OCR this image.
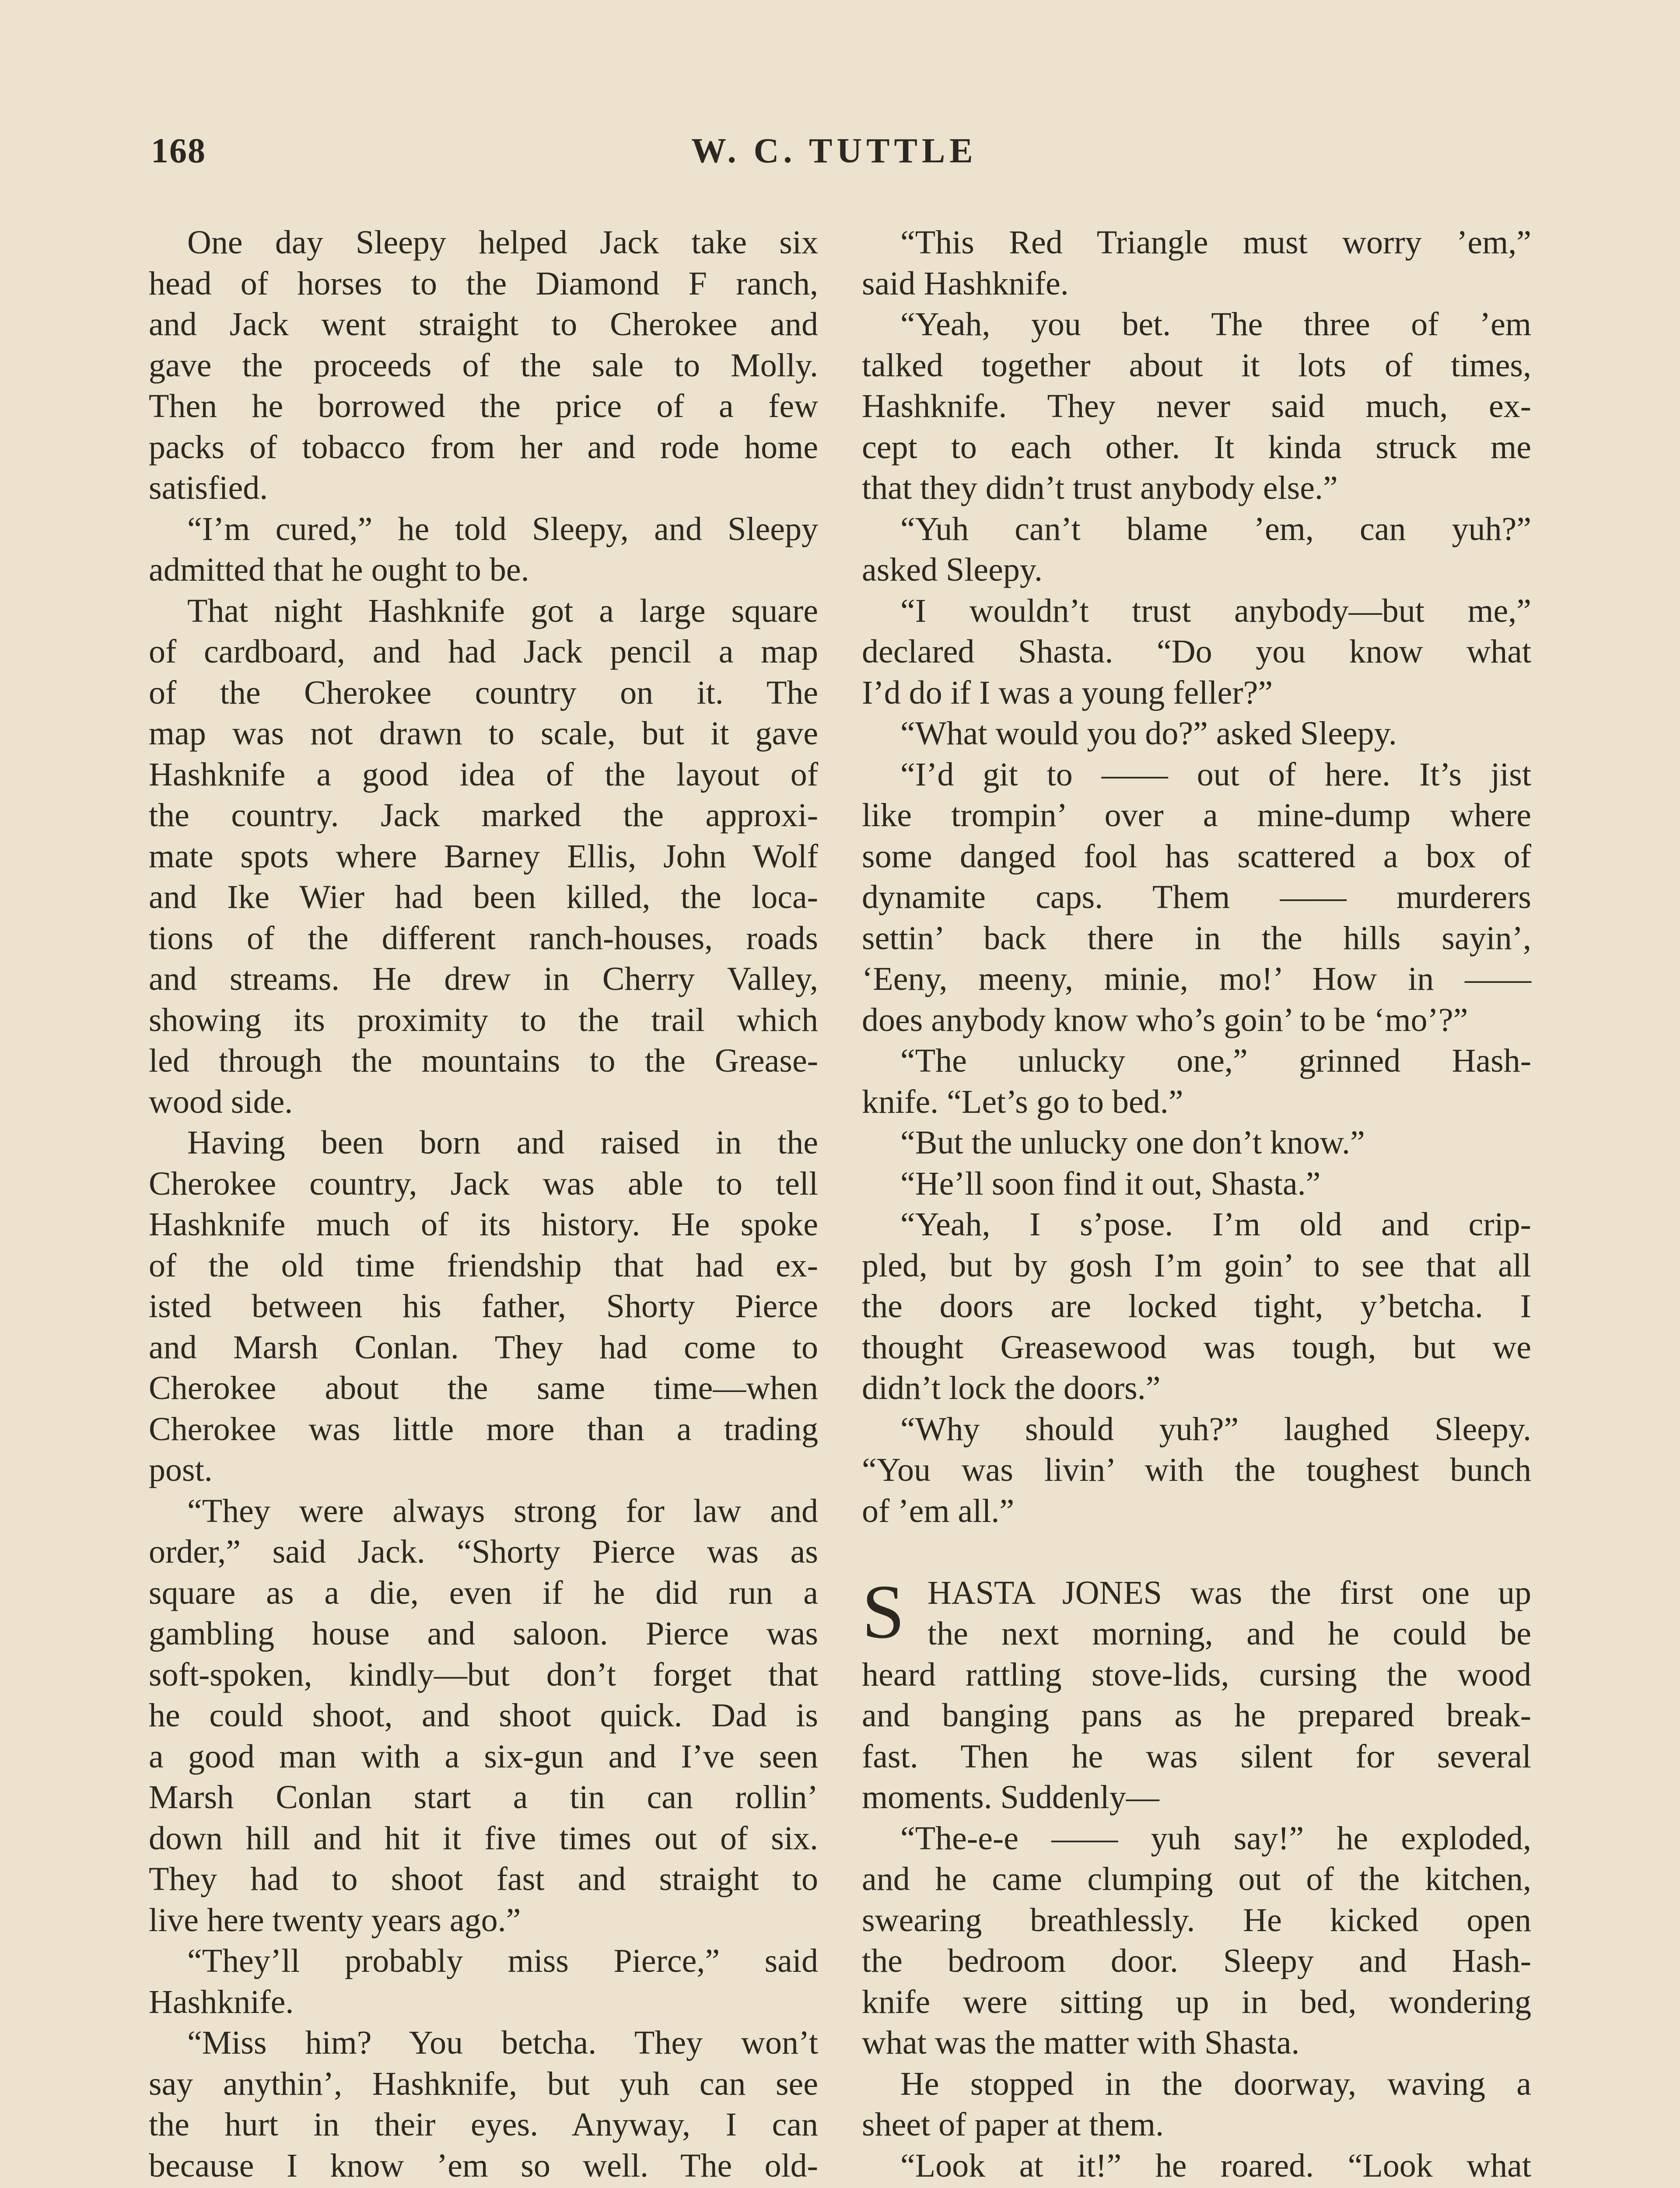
168	W. C. TUTTLE
One day Sleepy helped Jack take six
head of horses to the Diamond F ranch,
and Jack went straight to Cherokee and
gave the proceeds of the sale to Molly.
Then he borrowed the price of a few
packs of tobacco from her and rode home
satisfied.
“I’m cured,” he told Sleepy, and Sleepy
admitted that he ought to be.
That night Hashknife got a large square
of cardboard, and had Jack pencil a map
of the Cherokee country on it. The
map was not drawn to scale, but it gave
Hashknife a good idea of the layout of
the country. Jack marked the approxi-
mate spots where Barney Ellis, John Wolf
and Ike Wier had been killed, the loca-
tions of the different ranch-houses, roads
and streams. He drew in Cherry Valley,
showing its proximity to the trail which
led through the mountains to the Grease-
wood side.
Having been born and raised in the
Cherokee country, Jack was able to tell
Hashknife much of its history. He spoke
of the old time friendship that had ex-
isted between his father, Shorty Pierce
and Marsh Conlan. They had come to
Cherokee about the same time—when
Cherokee was little more than a trading
post.
“They were always strong for law and
order,” said Jack. “Shorty Pierce was as
square as a die, even if he did run a
gambling house and saloon. Pierce was
soft-spoken, kindly—but don’t forget that
he could shoot, and shoot quick. Dad is
a good man with a six-gun and I’ve seen
Marsh Conlan start a tin can rollin’
down hill and hit it five times out of six.
They had to shoot fast and straight to
live here twenty years ago.”
“They’ll probably miss Pierce,” said
Hashknife.
“Miss him? You betcha. They won’t
say anythin’, Hashknife, but yuh can see
the hurt in their eyes. Anyway, I can
because I know ’em so well. The old-
“This Red Triangle must worry ’em,”
said Hashknife.
“Yeah, you bet. The three of ’em
talked together about it lots of times,
Hashknife. They never said much, ex-
cept to each other. It kinda struck me
that they didn’t trust anybody else.”
“Yuh can’t blame ’em, can yuh?”
asked Sleepy.
“I wouldn’t trust anybody—but me,”
declared Shasta. “Do you know what
I’d do if I was a young feller?”
“What would you do?” asked Sleepy.
“I’d git to —— out of here. It’s jist
like trompin’ over a mine-dump where
some danged fool has scattered a box of
dynamite caps. Them —— murderers
settin’ back there in the hills sayin’,
‘Eeny, meeny, minie, mo!’ How in ——
does anybody know who’s goin’ to be ‘mo’?”
“The unlucky one,” grinned Hash-
knife. “Let’s go to bed.”
“But the unlucky one don’t know.”
“He’ll soon find it out, Shasta.”
“Yeah, I s’pose. I’m old and crip-
pled, but by gosh I’m goin’ to see that all
the doors are locked tight, y’betcha. I
thought Greasewood was tough, but we
didn’t lock the doors.”
“Why should yuh?” laughed Sleepy.
“You was livin’ with the toughest bunch
of ’em all.”
S HASTA JONES was the first one up
the next morning, and he could be
heard rattling stove-lids, cursing the wood
and banging pans as he prepared break-
fast. Then he was silent for several
moments. Suddenly—
“The-e-e —— yuh say!” he exploded,
and he came clumping out of the kitchen,
swearing breathlessly. He kicked open
the bedroom door. Sleepy and Hash-
knife were sitting up in bed, wondering
what was the matter with Shasta.
He stopped in the doorway, waving a
sheet of paper at them.
“Look at it!” he roared. “Look what
